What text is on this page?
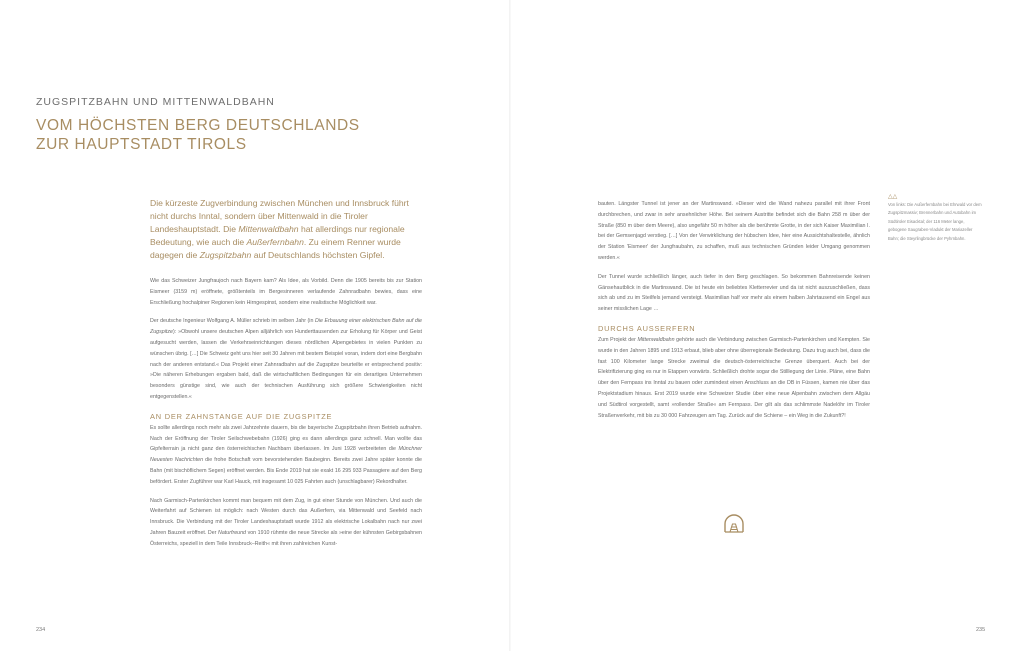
ZUGSPITZBAHN UND MITTENWALDBAHN
VOM HÖCHSTEN BERG DEUTSCHLANDS
ZUR HAUPTSTADT TIROLS
Die kürzeste Zugverbindung zwischen München und Innsbruck führt nicht durchs Inntal, sondern über Mittenwald in die Tiroler Landeshauptstadt. Die Mittenwaldbahn hat allerdings nur regionale Bedeutung, wie auch die Außerfernbahn. Zu einem Renner wurde dagegen die Zugspitzbahn auf Deutschlands höchsten Gipfel.

Wie das Schweizer Jungfraujoch nach Bayern kam? Als Idee, als Vorbild. Denn die 1905 bereits bis zur Station Eismeer (3159 m) eröffnete, größtenteils im Bergesinneren verlaufende Zahnradbahn bewies, dass eine Erschließung hochalpiner Regionen kein Hirngespinst, sondern eine realistische Möglichkeit war.

Der deutsche Ingenieur Wolfgang A. Müller schrieb im selben Jahr (in Die Erbauung einer elektrischen Bahn auf die Zugspitze): »Obwohl unsere deutschen Alpen alljährlich von Hunderttausenden zur Erholung für Körper und Geist aufgesucht werden, lassen die Verkehrseinrichtungen dieses nördlichen Alpengebietes in vielen Punkten zu wünschen übrig. […] Die Schweiz geht uns hier seit 30 Jahren mit bestem Beispiel voran, indem dort eine Bergbahn nach der anderen entstand.« Das Projekt einer Zahnradbahn auf die Zugspitze beurteilte er entsprechend positiv: »Die näheren Erhebungen ergaben bald, daß die wirtschaftlichen Bedingungen für ein derartiges Unternehmen besonders günstige sind, wie auch der technischen Ausführung sich größere Schwierigkeiten nicht entgegenstellen.«

AN DER ZAHNSTANGE AUF DIE ZUGSPITZE

Es sollte allerdings noch mehr als zwei Jahrzehnte dauern, bis die bayerische Zugspitzbahn ihren Betrieb aufnahm. Nach der Eröffnung der Tiroler Seilschwebebahn (1926) ging es dann allerdings ganz schnell. Man wollte das Gipfelterrain ja nicht ganz den österreichischen Nachbarn überlassen. Im Juni 1928 verbreiteten die Münchner Neuesten Nachrichten die frohe Botschaft vom bevorstehenden Baubeginn. Bereits zwei Jahre später konnte die Bahn (mit bischöflichem Segen) eröffnet werden. Bis Ende 2019 hat sie exakt 16 295 933 Passagiere auf den Berg befördert. Erster Zugführer war Karl Hauck, mit insgesamt 10 025 Fahrten auch (unschlagbarer) Rekordhalter.

Nach Garmisch-Partenkirchen kommt man bequem mit dem Zug, in gut einer Stunde von München. Und auch die Weiterfahrt auf Schienen ist möglich: nach Westen durch das Außerfern, via Mittenwald und Seefeld nach Innsbruck. Die Verbindung mit der Tiroler Landeshauptstadt wurde 1912 als elektrische Lokalbahn nach nur zwei Jahren Bauzeit eröffnet. Der Naturfreund von 1910 rühmte die neue Strecke als »eine der kühnsten Gebirgsbahnen Österreichs, speziell in dem Teile Innsbruck–Reith« mit ihren zahlreichen Kunst-

bauten. Längster Tunnel ist jener an der Martinswand. »Dieser wird die Wand nahezu parallel mit ihrer Front durchbrechen, und zwar in sehr ansehnlicher Höhe. Bei seinem Austritte befindet sich die Bahn 258 m über der Straße (850 m über dem Meere), also ungefähr 50 m höher als die berühmte Grotte, in der sich Kaiser Maximilian I. bei der Gemsenjagd verstieg. […] Von der Verwirklichung der hübschen Idee, hier eine Aussichtshaltestelle, ähnlich der Station 'Eismeer' der Jungfraubahn, zu schaffen, muß aus technischen Gründen leider Umgang genommen werden.«

Der Tunnel wurde schließlich länger, auch tiefer in den Berg geschlagen. So bekommen Bahnreisende keinen Gänsehautblick in die Martinswand. Die ist heute ein beliebtes Kletterrevier und da ist nicht auszuschließen, dass sich ab und zu im Steilfels jemand versteigt. Maximilian half vor mehr als einem halben Jahrtausend ein Engel aus seiner misslichen Lage …

DURCHS AUSSERFERN

Zum Projekt der Mittenwaldbahn gehörte auch die Verbindung zwischen Garmisch-Partenkirchen und Kempten. Sie wurde in den Jahren 1895 und 1913 erbaut, blieb aber ohne überregionale Bedeutung. Dazu trug auch bei, dass die fast 100 Kilometer lange Strecke zweimal die deutsch-österreichische Grenze überquert. Auch bei der Elektrifizierung ging es nur in Etappen vorwärts. Schließlich drohte sogar die Stilllegung der Linie. Pläne, eine Bahn über den Fernpass ins Inntal zu bauen oder zumindest einen Anschluss an die DB in Füssen, kamen nie über das Projektstadium hinaus. Erst 2019 wurde eine Schweizer Studie über eine neue Alpenbahn zwischen dem Allgäu und Südtirol vorgestellt, samt »rollender Straße« am Fernpass. Der gilt als das schlimmste Nadelöhr im Tiroler Straßenverkehr, mit bis zu 30 000 Fahrzeugen am Tag. Zurück auf die Schiene – ein Weg in die Zukunft?!

△△
Von links: Die Außerfernbahn bei Ehrwald vor dem Zugspitzmassiv; Brennerbahn und Autobahn im Südtiroler Eisacktal; der 116 Meter lange, gebogene Saugraben-Viadukt der Mariazeller Bahn; die Steyrlingbrücke der Pyhrnbahn.
234	235
